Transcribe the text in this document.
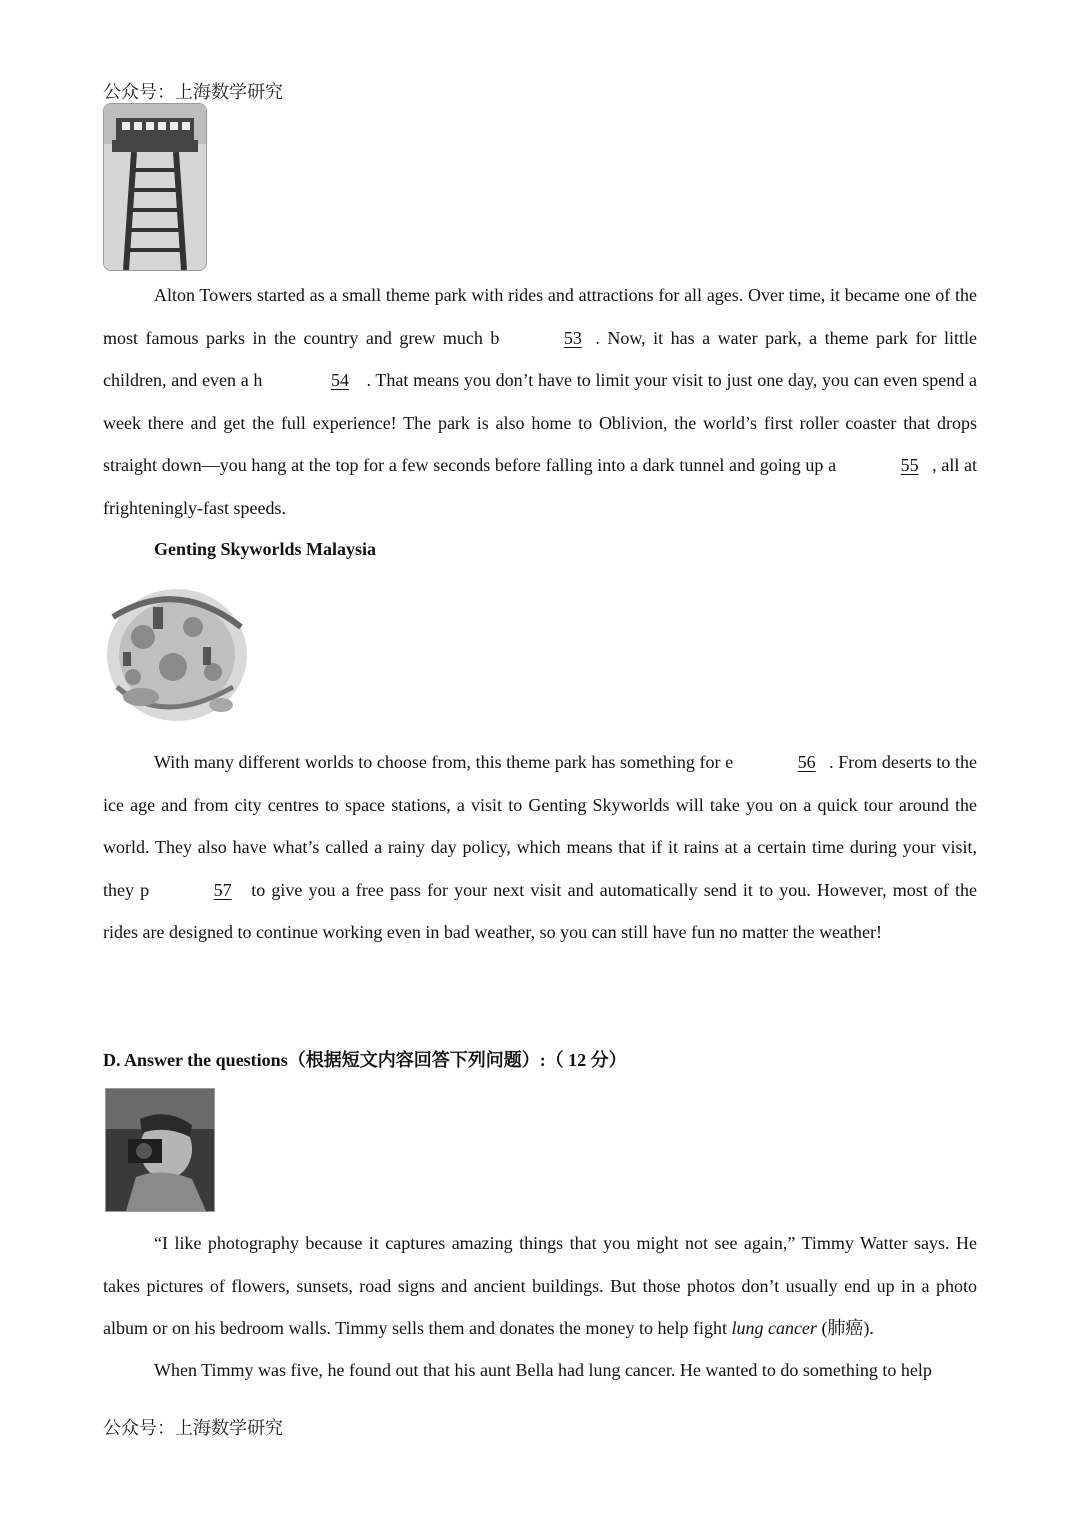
公众号：上海数学研究
Alton Towers started as a small theme park with rides and attractions for all ages. Over time, it became one of the most famous parks in the country and grew much b	53 . Now, it has a water park, a theme park for little children, and even a h	54 . That means you don’t have to limit your visit to just one day, you can even spend a week there and get the full experience! The park is also home to Oblivion, the world’s first roller coaster that drops straight down—you hang at the top for a few seconds before falling into a dark tunnel and going up a	55 , all at frighteningly-fast speeds.
Genting Skyworlds Malaysia
With many different worlds to choose from, this theme park has something for e	56 . From deserts to the ice age and from city centres to space stations, a visit to Genting Skyworlds will take you on a quick tour around the world. They also have what’s called a rainy day policy, which means that if it rains at a certain time during your visit, they p	57 to give you a free pass for your next visit and automatically send it to you. However, most of the rides are designed to continue working even in bad weather, so you can still have fun no matter the weather!
D. Answer the questions（根据短文内容回答下列问题）:（ 12 分）
“I like photography because it captures amazing things that you might not see again,” Timmy Watter says. He takes pictures of flowers, sunsets, road signs and ancient buildings. But those photos don’t usually end up in a photo album or on his bedroom walls. Timmy sells them and donates the money to help fight lung cancer (肺癌).
When Timmy was five, he found out that his aunt Bella had lung cancer. He wanted to do something to help
公众号：上海数学研究
